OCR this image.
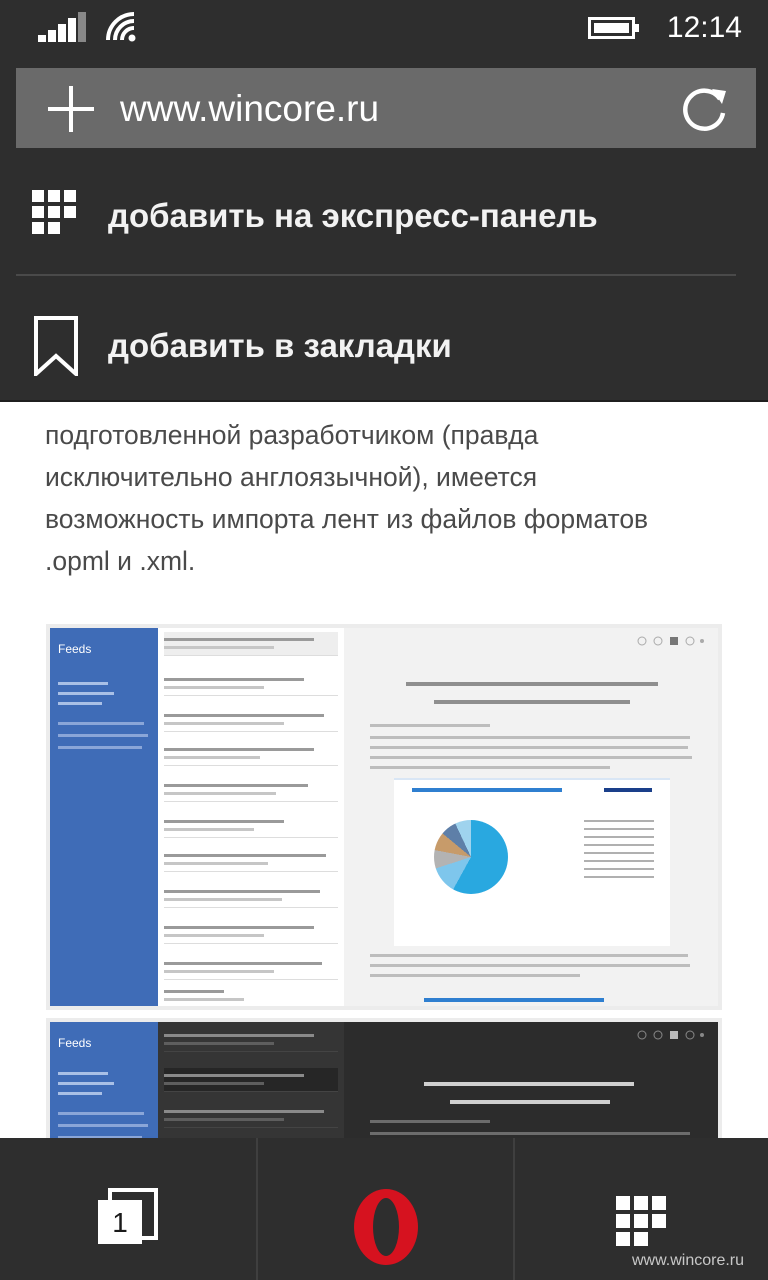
12:14
www.wincore.ru
добавить на экспресс-панель
добавить в закладки
подготовленной разработчиком (правда
исключительно англоязычной), имеется
возможность импорта лент из файлов форматов
.opml и .xml.
Feeds
Feeds
1
www.wincore.ru
